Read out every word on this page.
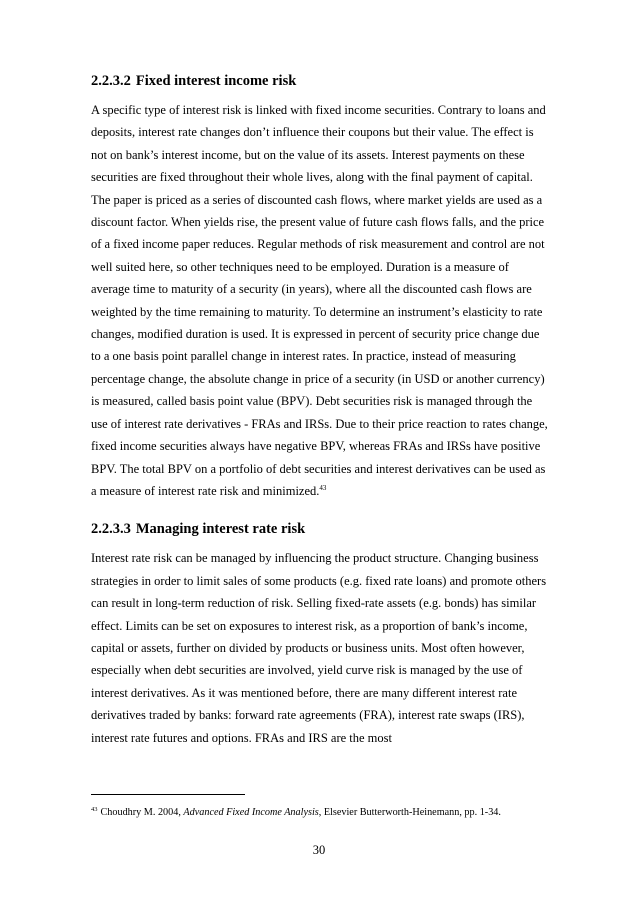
2.2.3.2 Fixed interest income risk

A specific type of interest risk is linked with fixed income securities. Contrary to loans and deposits, interest rate changes don’t influence their coupons but their value. The effect is not on bank’s interest income, but on the value of its assets. Interest payments on these securities are fixed throughout their whole lives, along with the final payment of capital. The paper is priced as a series of discounted cash flows, where market yields are used as a discount factor. When yields rise, the present value of future cash flows falls, and the price of a fixed income paper reduces. Regular methods of risk measurement and control are not well suited here, so other techniques need to be employed. Duration is a measure of average time to maturity of a security (in years), where all the discounted cash flows are weighted by the time remaining to maturity. To determine an instrument’s elasticity to rate changes, modified duration is used. It is expressed in percent of security price change due to a one basis point parallel change in interest rates. In practice, instead of measuring percentage change, the absolute change in price of a security (in USD or another currency) is measured, called basis point value (BPV). Debt securities risk is managed through the use of interest rate derivatives - FRAs and IRSs. Due to their price reaction to rates change, fixed income securities always have negative BPV, whereas FRAs and IRSs have positive BPV. The total BPV on a portfolio of debt securities and interest derivatives can be used as a measure of interest rate risk and minimized.$^{43}$

2.2.3.3 Managing interest rate risk

Interest rate risk can be managed by influencing the product structure. Changing business strategies in order to limit sales of some products (e.g. fixed rate loans) and promote others can result in long-term reduction of risk. Selling fixed-rate assets (e.g. bonds) has similar effect. Limits can be set on exposures to interest risk, as a proportion of bank’s income, capital or assets, further on divided by products or business units. Most often however, especially when debt securities are involved, yield curve risk is managed by the use of interest derivatives. As it was mentioned before, there are many different interest rate derivatives traded by banks: forward rate agreements (FRA), interest rate swaps (IRS), interest rate futures and options. FRAs and IRS are the most

$^{43}$ Choudhry M. 2004, Advanced Fixed Income Analysis, Elsevier Butterworth-Heinemann, pp. 1-34.
30
